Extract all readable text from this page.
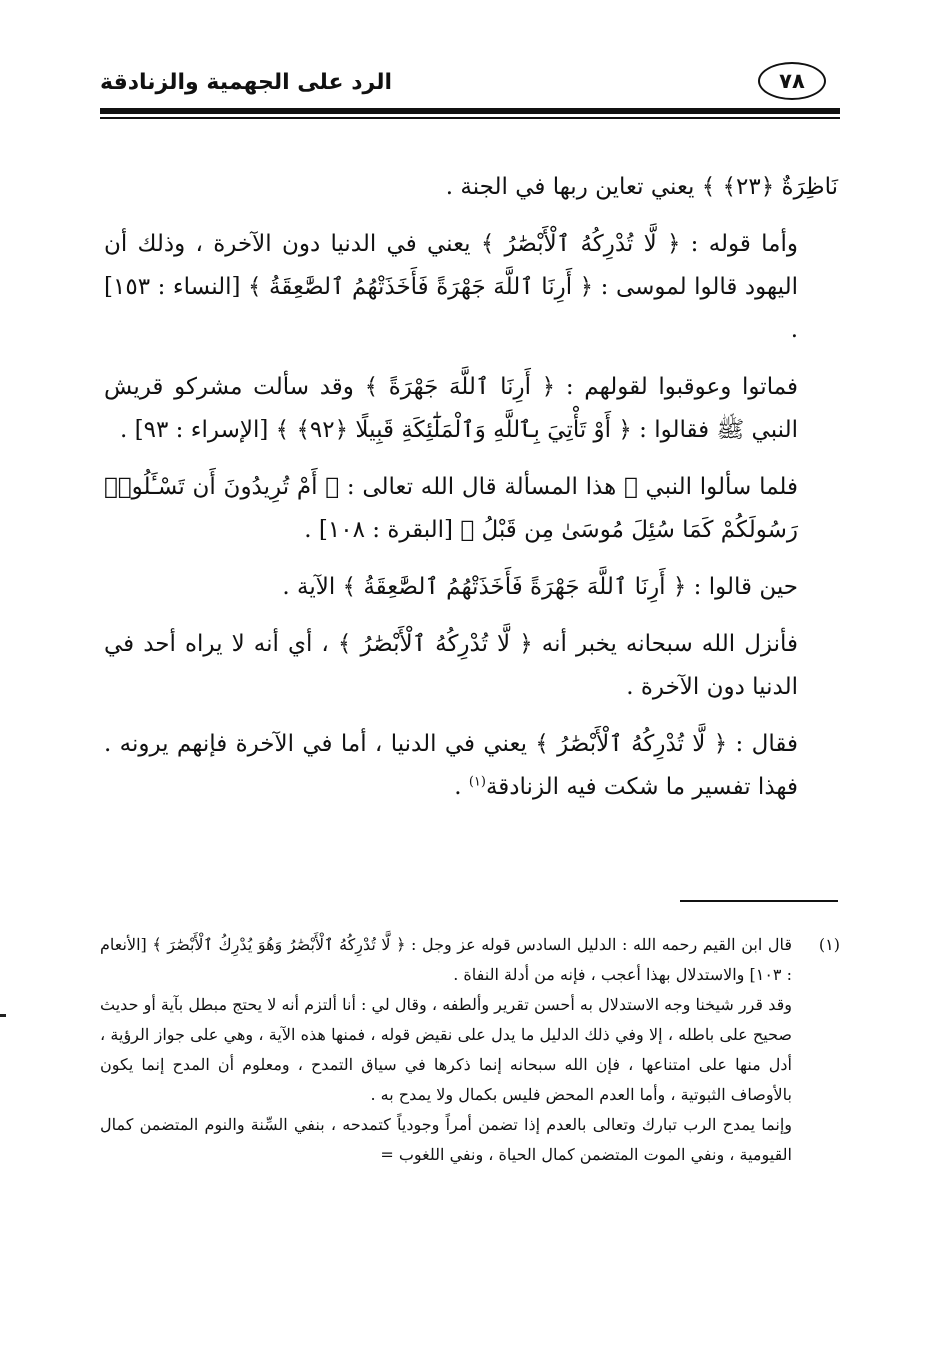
الرد على الجهمية والزنادقة	٧٨

نَاظِرَةٌ ﴿٢٣﴾ ﴾ يعني تعاين ربها في الجنة .

وأما قوله : ﴿ لَّا تُدْرِكُهُ ٱلْأَبْصَٰرُ ﴾ يعني في الدنيا دون الآخرة ، وذلك أن اليهود قالوا لموسى : ﴿ أَرِنَا ٱللَّهَ جَهْرَةً فَأَخَذَتْهُمُ ٱلصَّٰعِقَةُ ﴾ [النساء : ١٥٣] .

فماتوا وعوقبوا لقولهم : ﴿ أَرِنَا ٱللَّهَ جَهْرَةً ﴾ وقد سألت مشركو قريش النبي ﷺ فقالوا : ﴿ أَوْ تَأْتِيَ بِٱللَّهِ وَٱلْمَلَٰٓئِكَةِ قَبِيلًا ﴿٩٢﴾ ﴾ [الإسراء : ٩٣] .

فلما سألوا النبي ﷺ هذا المسألة قال الله تعالى : ﴿ أَمْ تُرِيدُونَ أَن تَسْـَٔلُوا۟ رَسُولَكُمْ كَمَا سُئِلَ مُوسَىٰ مِن قَبْلُ ﴾ [البقرة : ١٠٨] .

حين قالوا : ﴿ أَرِنَا ٱللَّهَ جَهْرَةً فَأَخَذَتْهُمُ ٱلصَّٰعِقَةُ ﴾ الآية .

فأنزل الله سبحانه يخبر أنه ﴿ لَّا تُدْرِكُهُ ٱلْأَبْصَٰرُ ﴾ ، أي أنه لا يراه أحد في الدنيا دون الآخرة .

فقال : ﴿ لَّا تُدْرِكُهُ ٱلْأَبْصَٰرُ ﴾ يعني في الدنيا ، أما في الآخرة فإنهم يرونه . فهذا تفسير ما شكت فيه الزنادقة$^{(١)}$ .

(١)

قال ابن القيم رحمه الله : الدليل السادس قوله عز وجل : ﴿ لَّا تُدْرِكُهُ ٱلْأَبْصَٰرُ وَهُوَ يُدْرِكُ ٱلْأَبْصَٰرَ ﴾ [الأنعام : ١٠٣] والاستدلال بهذا أعجب ، فإنه من أدلة النفاة .

وقد قرر شيخنا وجه الاستدلال به أحسن تقرير وألطفه ، وقال لي : أنا ألتزم أنه لا يحتج مبطل بآية أو حديث صحيح على باطله ، إلا وفي ذلك الدليل ما يدل على نقيض قوله ، فمنها هذه الآية ، وهي على جواز الرؤية ، أدل منها على امتناعها ، فإن الله سبحانه إنما ذكرها في سياق التمدح ، ومعلوم أن المدح إنما يكون بالأوصاف الثبوتية ، وأما العدم المحض فليس بكمال ولا يمدح به .

وإنما يمدح الرب تبارك وتعالى بالعدم إذا تضمن أمراً وجودياً كتمدحه ، بنفي السِّنة والنوم المتضمن كمال القيومية ، ونفي الموت المتضمن كمال الحياة ، ونفي اللغوب =
